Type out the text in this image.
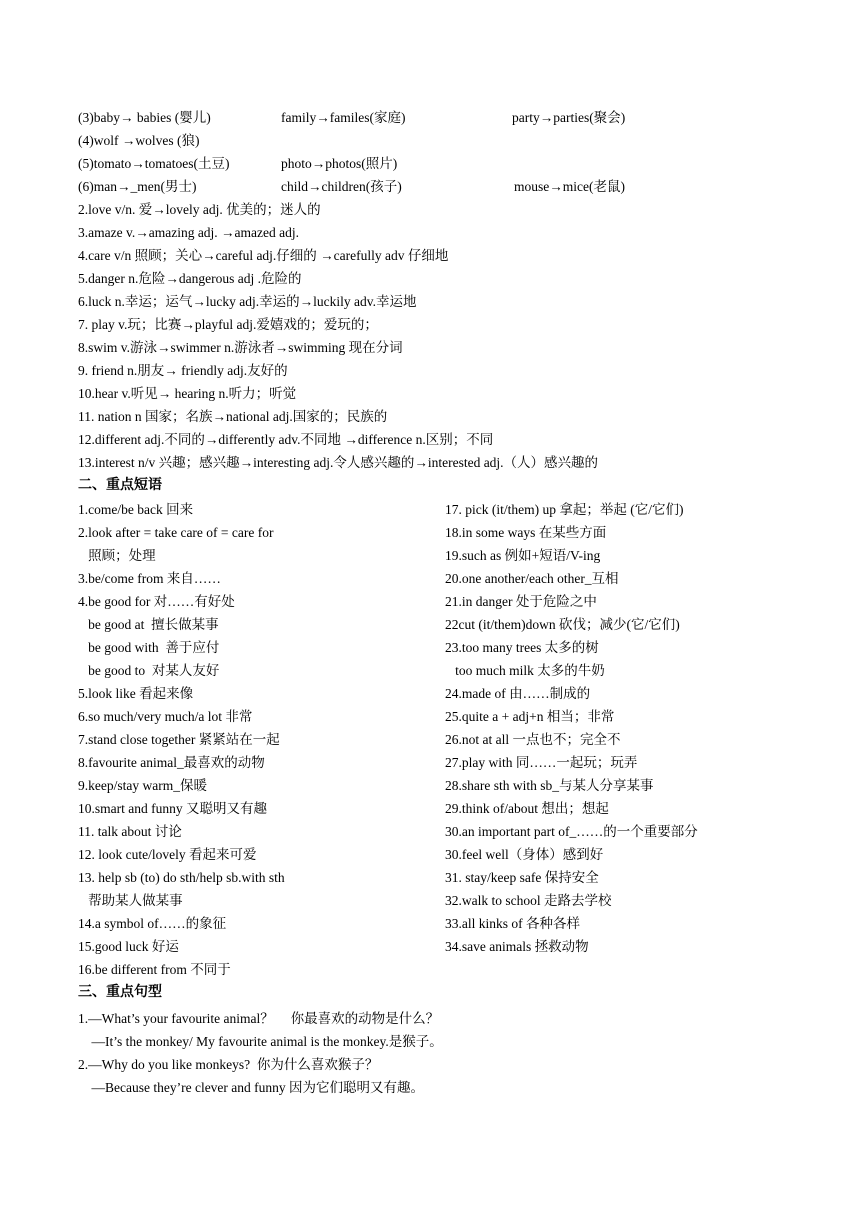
(3)baby→ babies (婴儿)	family→familes(家庭)	party→parties(聚会)
(4)wolf →wolves (狼)
(5)tomato→tomatoes(土豆)	photo→photos(照片)
(6)man→_men(男士)	child→children(孩子)	mouse→mice(老鼠)
2.love v/n. 爱→lovely adj. 优美的；迷人的
3.amaze v.→amazing adj. →amazed adj.
4.care v/n 照顾；关心→careful adj.仔细的 →carefully adv 仔细地
5.danger n.危险→dangerous adj .危险的
6.luck n.幸运；运气→lucky adj.幸运的→luckily adv.幸运地
7. play v.玩；比赛→playful adj.爱嬉戏的；爱玩的；
8.swim v.游泳→swimmer n.游泳者→swimming 现在分词
9. friend n.朋友→ friendly adj.友好的
10.hear v.听见→ hearing n.听力；听觉
11. nation n 国家；名族→national adj.国家的；民族的
12.different adj.不同的→differently adv.不同地 →difference n.区别；不同
13.interest n/v 兴趣；感兴趣→interesting adj.令人感兴趣的→interested adj.（人）感兴趣的
二、重点短语
1.come/be back 回来
2.look after = take care of = care for
照顾；处理
3.be/come from 来自……
4.be good for 对……有好处
be good at  擅长做某事
be good with  善于应付
be good to  对某人友好
5.look like 看起来像
6.so much/very much/a lot 非常
7.stand close together 紧紧站在一起
8.favourite animal_最喜欢的动物
9.keep/stay warm_保暖
10.smart and funny 又聪明又有趣
11. talk about 讨论
12. look cute/lovely 看起来可爱
13. help sb (to) do sth/help sb.with sth
帮助某人做某事
14.a symbol of……的象征
15.good luck 好运
16.be different from 不同于
17. pick (it/them) up 拿起；举起 (它/它们)
18.in some ways 在某些方面
19.such as 例如+短语/V-ing
20.one another/each other_互相
21.in danger 处于危险之中
22cut (it/them)down 砍伐；减少(它/它们)
23.too many trees 太多的树
too much milk 太多的牛奶
24.made of 由……制成的
25.quite a + adj+n 相当；非常
26.not at all 一点也不；完全不
27.play with 同……一起玩；玩弄
28.share sth with sb_与某人分享某事
29.think of/about 想出；想起
30.an important part of_……的一个重要部分
30.feel well（身体）感到好
31. stay/keep safe 保持安全
32.walk to school 走路去学校
33.all kinks of 各种各样
34.save animals 拯救动物
三、重点句型
1.—What’s your favourite animal？     你最喜欢的动物是什么？
—It’s the monkey/ My favourite animal is the monkey.是猴子。
2.—Why do you like monkeys?  你为什么喜欢猴子？
—Because they’re clever and funny 因为它们聪明又有趣。
